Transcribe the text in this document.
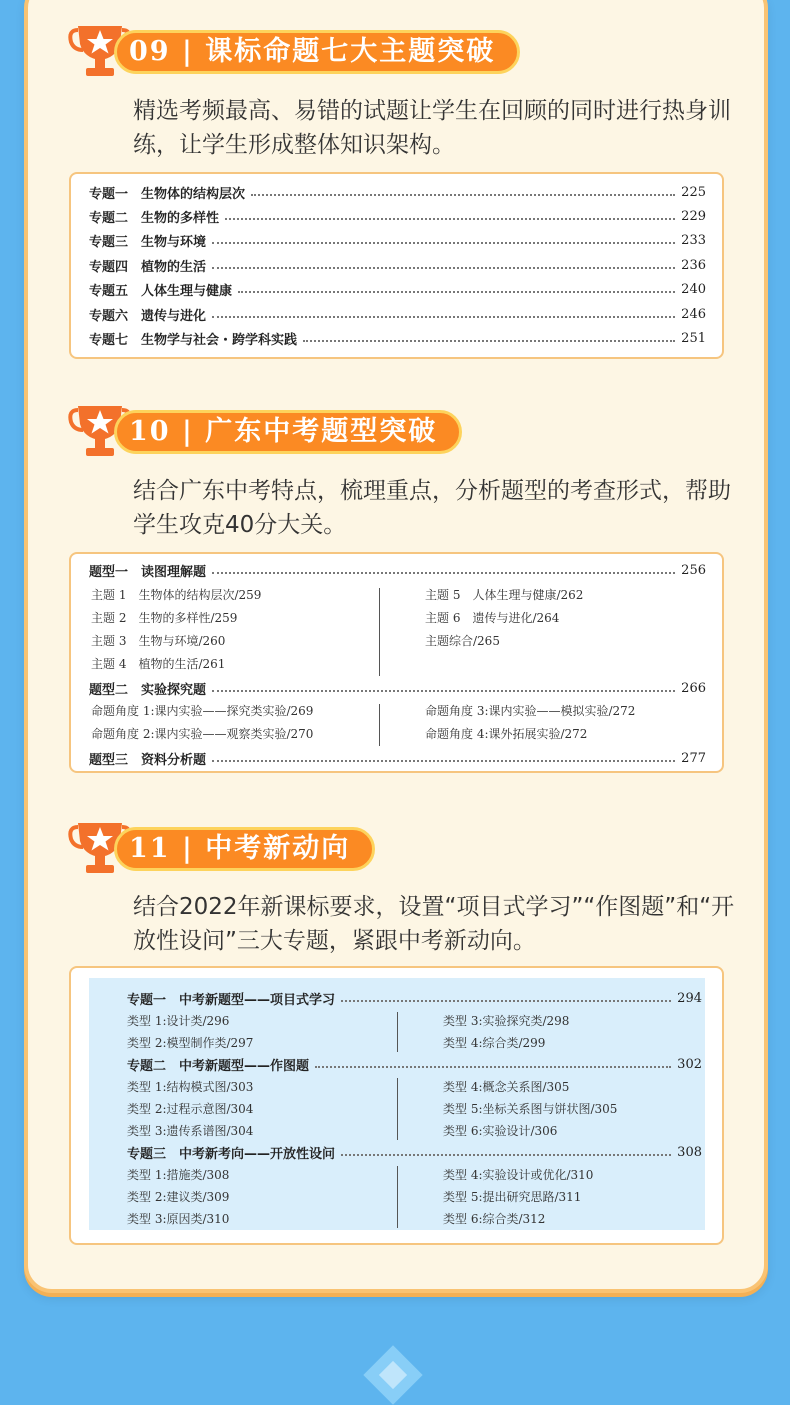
09 | 课标命题七大主题突破
精选考频最高、易错的试题让学生在回顾的同时进行热身训练，让学生形成整体知识架构。
专题一　生物体的结构层次	225
专题二　生物的多样性	229
专题三　生物与环境	233
专题四　植物的生活	236
专题五　人体生理与健康	240
专题六　遗传与进化	246
专题七　生物学与社会・跨学科实践	251
10 | 广东中考题型突破
结合广东中考特点，梳理重点，分析题型的考查形式，帮助学生攻克40分大关。
题型一　读图理解题	256
主题 1　生物体的结构层次/259
主题 2　生物的多样性/259
主题 3　生物与环境/260
主题 4　植物的生活/261
主题 5　人体生理与健康/262
主题 6　遗传与进化/264
主题综合/265
题型二　实验探究题	266
命题角度 1:课内实验——探究类实验/269
命题角度 2:课内实验——观察类实验/270
命题角度 3:课内实验——模拟实验/272
命题角度 4:课外拓展实验/272
题型三　资料分析题	277
11 | 中考新动向
结合2022年新课标要求，设置“项目式学习”“作图题”和“开放性设问”三大专题，紧跟中考新动向。
专题一　中考新题型——项目式学习	294
类型 1:设计类/296
类型 2:模型制作类/297
类型 3:实验探究类/298
类型 4:综合类/299
专题二　中考新题型——作图题	302
类型 1:结构模式图/303
类型 2:过程示意图/304
类型 3:遗传系谱图/304
类型 4:概念关系图/305
类型 5:坐标关系图与饼状图/305
类型 6:实验设计/306
专题三　中考新考向——开放性设问	308
类型 1:措施类/308
类型 2:建议类/309
类型 3:原因类/310
类型 4:实验设计或优化/310
类型 5:提出研究思路/311
类型 6:综合类/312
